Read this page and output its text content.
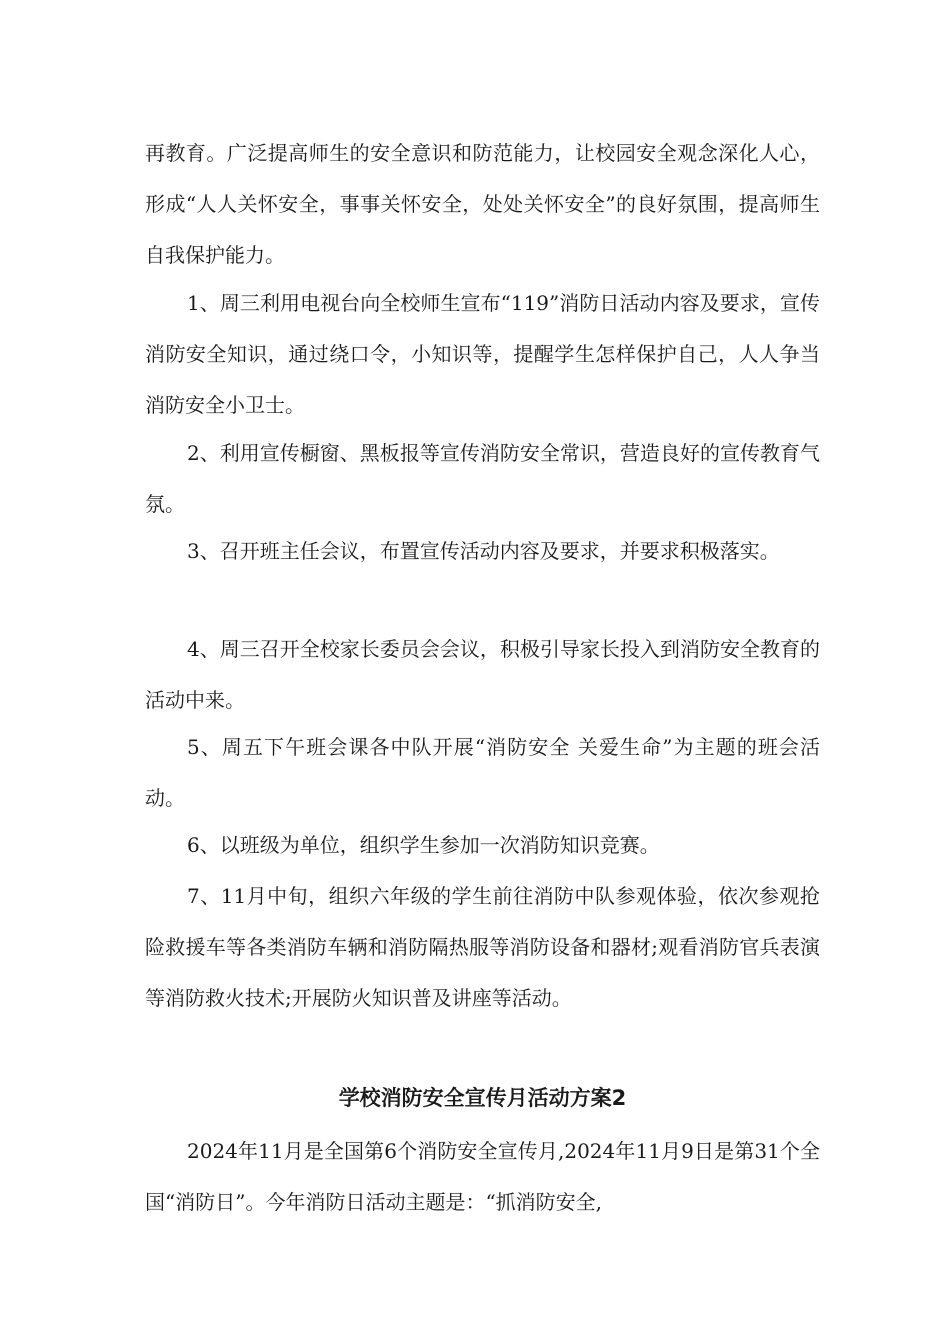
再教育。广泛提高师生的安全意识和防范能力，让校园安全观念深化人心，形成“人人关怀安全，事事关怀安全，处处关怀安全”的良好氛围，提高师生自我保护能力。

1、周三利用电视台向全校师生宣布“119”消防日活动内容及要求，宣传消防安全知识，通过绕口令，小知识等，提醒学生怎样保护自己，人人争当消防安全小卫士。

2、利用宣传橱窗、黑板报等宣传消防安全常识，营造良好的宣传教育气氛。

3、召开班主任会议，布置宣传活动内容及要求，并要求积极落实。

4、周三召开全校家长委员会会议，积极引导家长投入到消防安全教育的活动中来。

5、周五下午班会课各中队开展“消防安全 关爱生命”为主题的班会活动。

6、以班级为单位，组织学生参加一次消防知识竞赛。

7、11月中旬，组织六年级的学生前往消防中队参观体验，依次参观抢险救援车等各类消防车辆和消防隔热服等消防设备和器材;观看消防官兵表演等消防救火技术;开展防火知识普及讲座等活动。

学校消防安全宣传月活动方案2

2024年11月是全国第6个消防安全宣传月,2024年11月9日是第31个全国“消防日”。今年消防日活动主题是：“抓消防安全,
